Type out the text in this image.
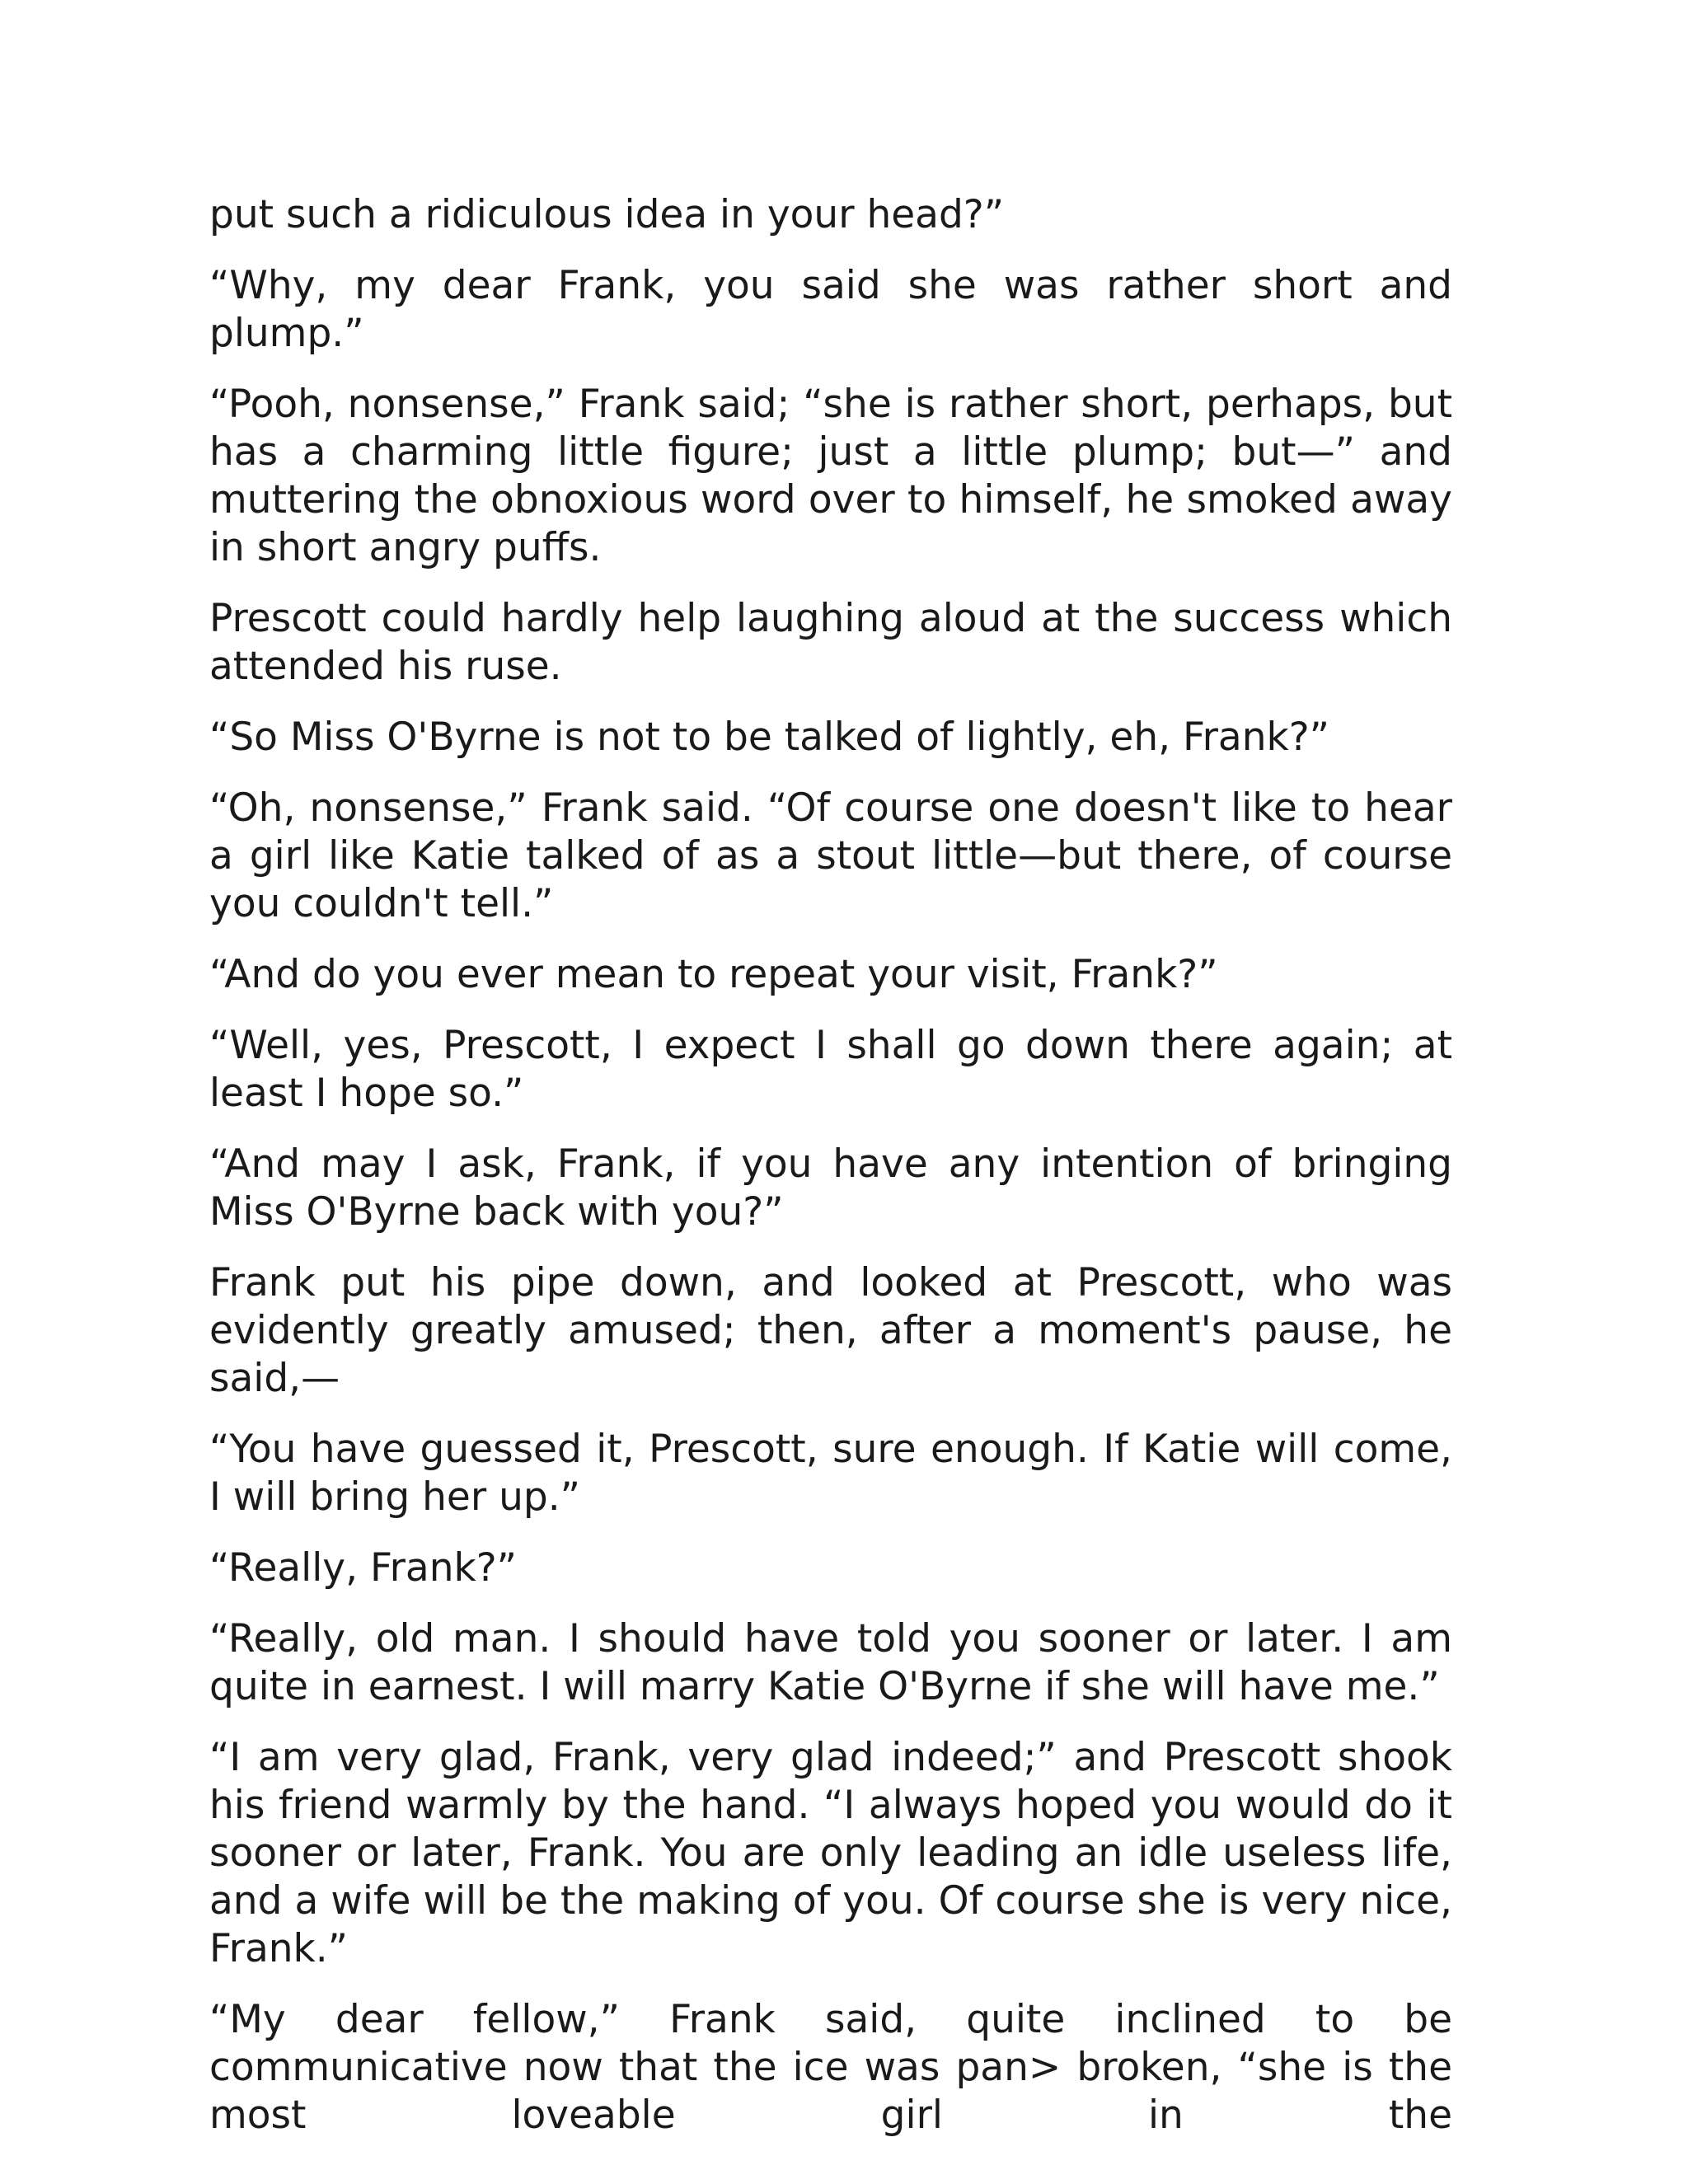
put such a ridiculous idea in your head?”

“Why, my dear Frank, you said she was rather short and plump.”

“Pooh, nonsense,” Frank said; “she is rather short, perhaps, but has a charming little figure; just a little plump; but—” and muttering the obnoxious word over to himself, he smoked away in short angry puffs.

Prescott could hardly help laughing aloud at the success which attended his ruse.

“So Miss O'Byrne is not to be talked of lightly, eh, Frank?”

“Oh, nonsense,” Frank said. “Of course one doesn't like to hear a girl like Katie talked of as a stout little—but there, of course you couldn't tell.”

“And do you ever mean to repeat your visit, Frank?”

“Well, yes, Prescott, I expect I shall go down there again; at least I hope so.”

“And may I ask, Frank, if you have any intention of bringing Miss O'Byrne back with you?”

Frank put his pipe down, and looked at Prescott, who was evidently greatly amused; then, after a moment's pause, he said,—

“You have guessed it, Prescott, sure enough. If Katie will come, I will bring her up.”

“Really, Frank?”

“Really, old man. I should have told you sooner or later. I am quite in earnest. I will marry Katie O'Byrne if she will have me.”

“I am very glad, Frank, very glad indeed;” and Prescott shook his friend warmly by the hand. “I always hoped you would do it sooner or later, Frank. You are only leading an idle useless life, and a wife will be the making of you. Of course she is very nice, Frank.”

“My dear fellow,” Frank said, quite inclined to be communicative now that the ice was pan> broken, “she is the most loveable girl in the
